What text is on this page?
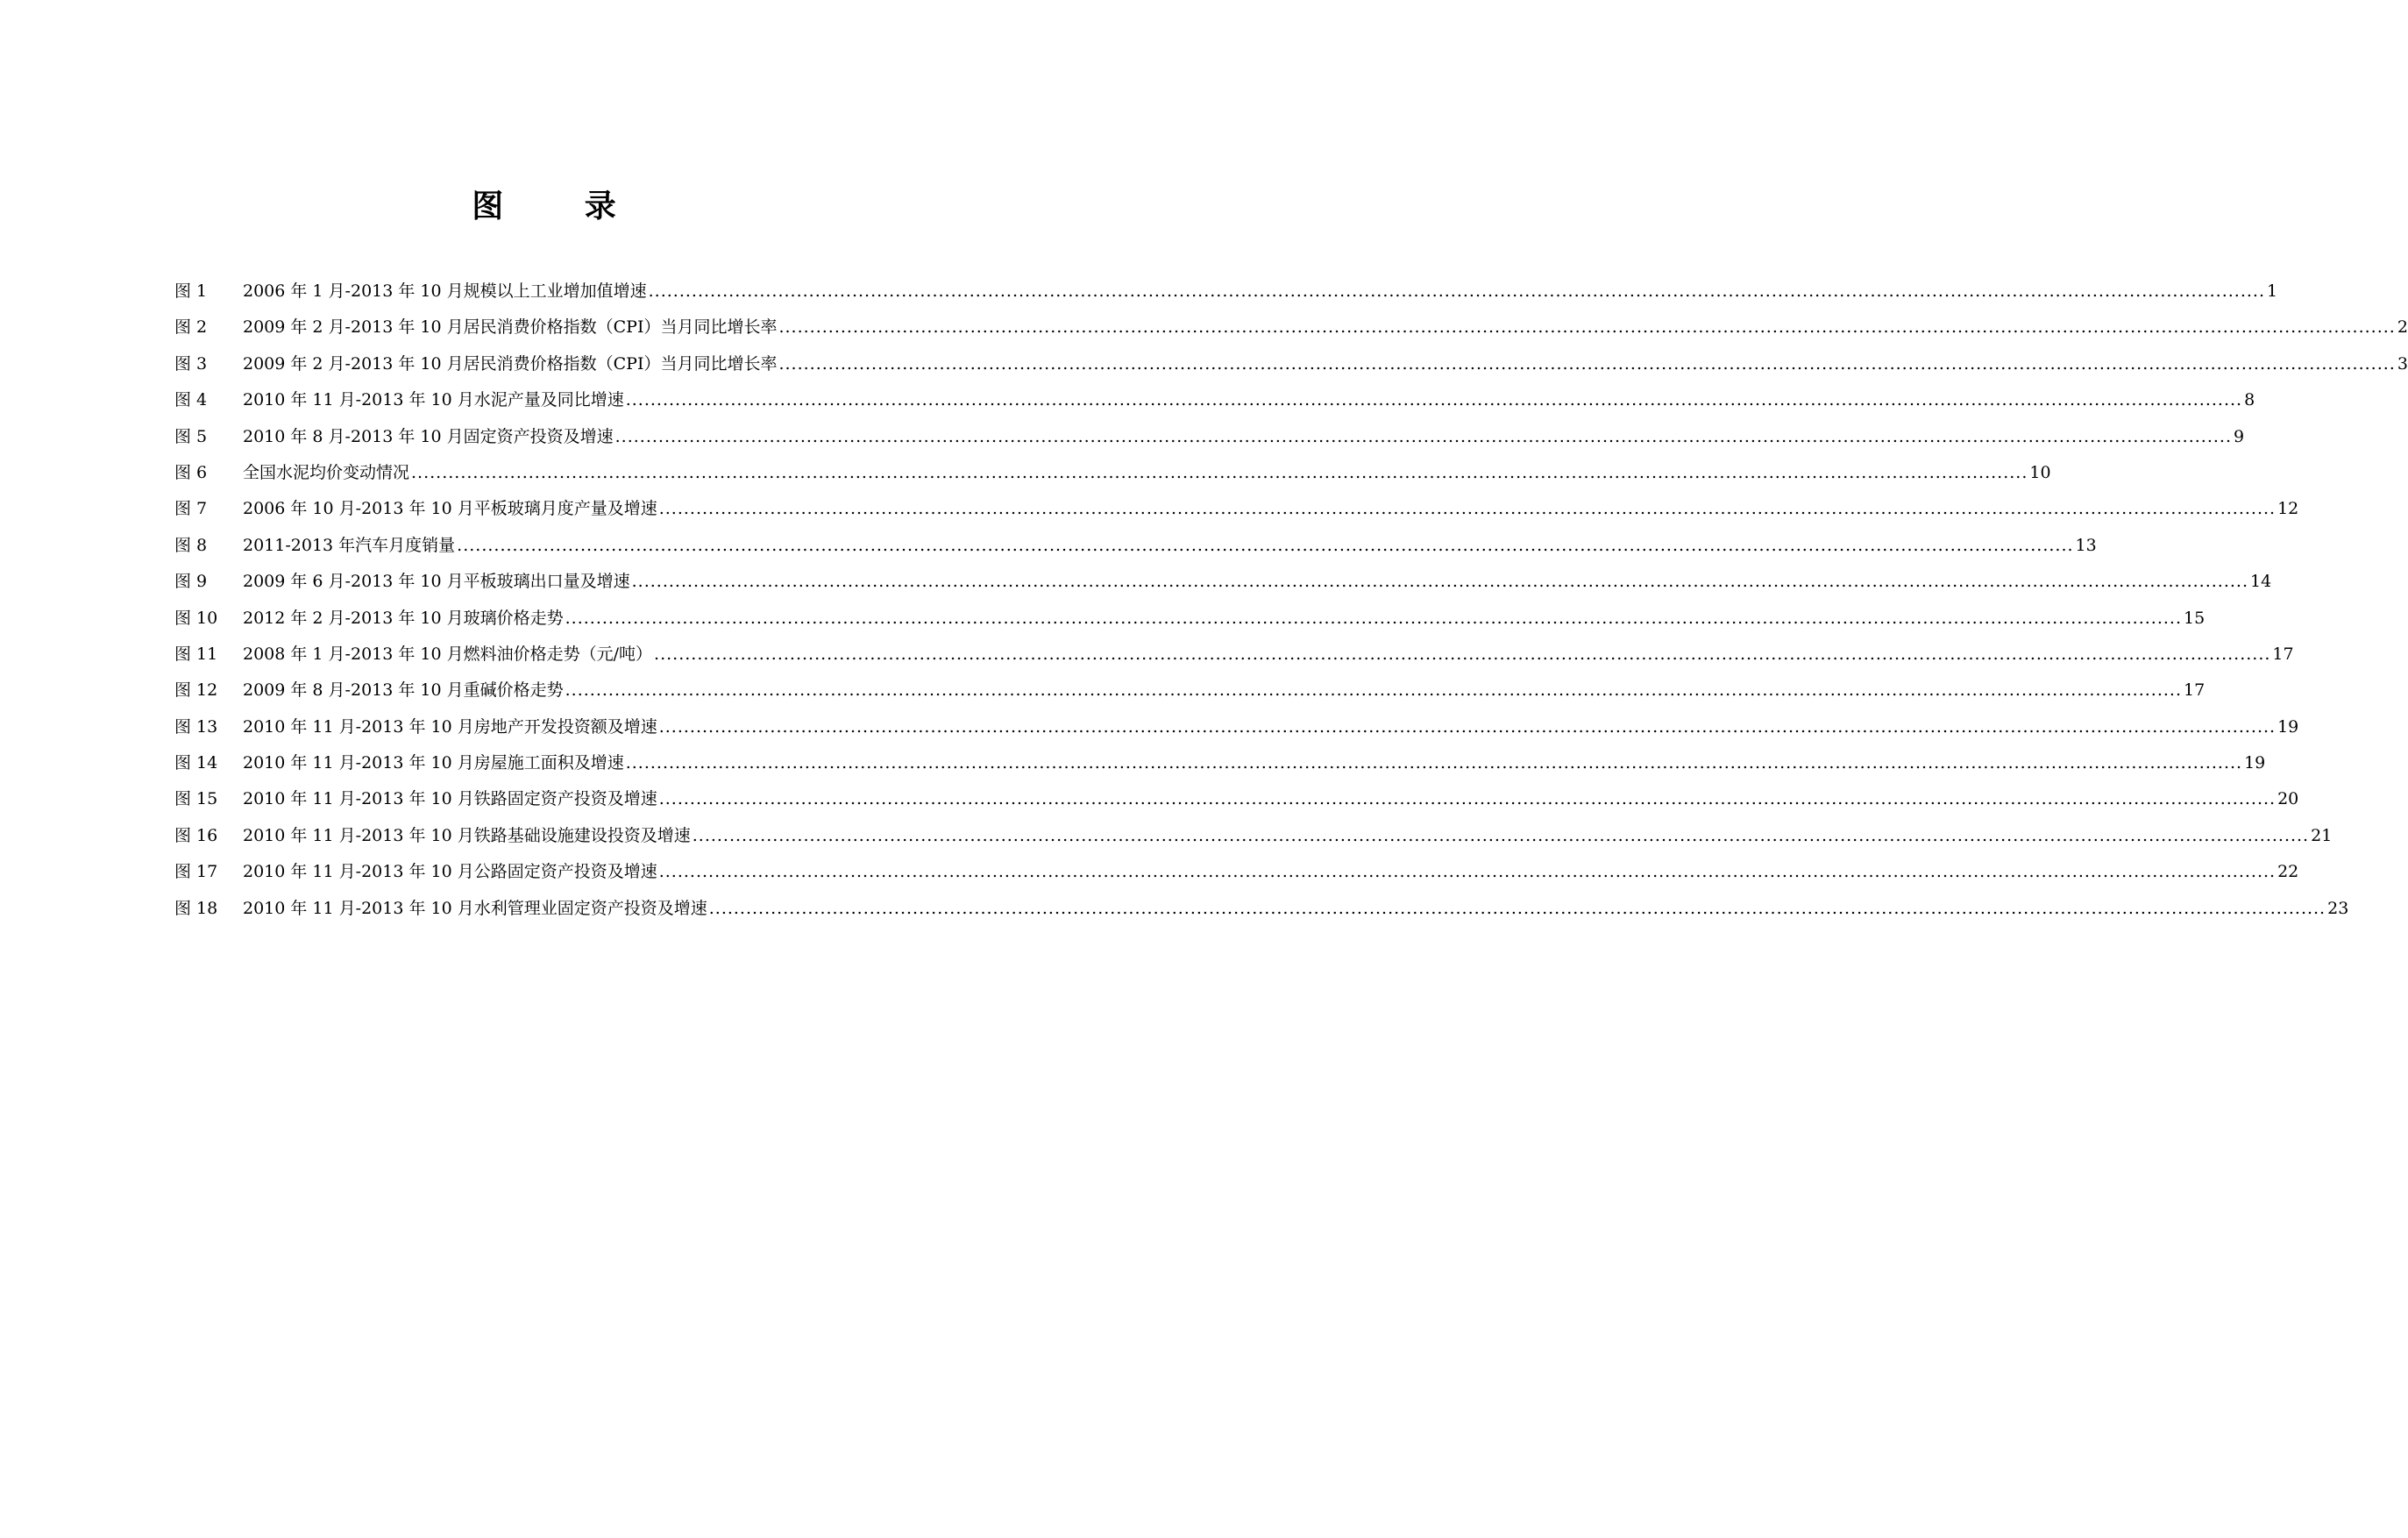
图 录
图 1	2006 年 1 月-2013 年 10 月规模以上工业增加值增速 .....	1
图 2	2009 年 2 月-2013 年 10 月居民消费价格指数（CPI）当月同比增长率 .....	2
图 3	2009 年 2 月-2013 年 10 月居民消费价格指数（CPI）当月同比增长率 .....	3
图 4	2010 年 11 月-2013 年 10 月水泥产量及同比增速 .....	8
图 5	2010 年 8 月-2013 年 10 月固定资产投资及增速 .....	9
图 6	全国水泥均价变动情况 .....	10
图 7	2006 年 10 月-2013 年 10 月平板玻璃月度产量及增速 .....	12
图 8	2011-2013 年汽车月度销量 .....	13
图 9	2009 年 6 月-2013 年 10 月平板玻璃出口量及增速 .....	14
图 10	2012 年 2 月-2013 年 10 月玻璃价格走势 .....	15
图 11	2008 年 1 月-2013 年 10 月燃料油价格走势（元/吨） .....	17
图 12	2009 年 8 月-2013 年 10 月重碱价格走势 .....	17
图 13	2010 年 11 月-2013 年 10 月房地产开发投资额及增速 .....	19
图 14	2010 年 11 月-2013 年 10 月房屋施工面积及增速 .....	19
图 15	2010 年 11 月-2013 年 10 月铁路固定资产投资及增速 .....	20
图 16	2010 年 11 月-2013 年 10 月铁路基础设施建设投资及增速 .....	21
图 17	2010 年 11 月-2013 年 10 月公路固定资产投资及增速 .....	22
图 18	2010 年 11 月-2013 年 10 月水利管理业固定资产投资及增速 .....	23
